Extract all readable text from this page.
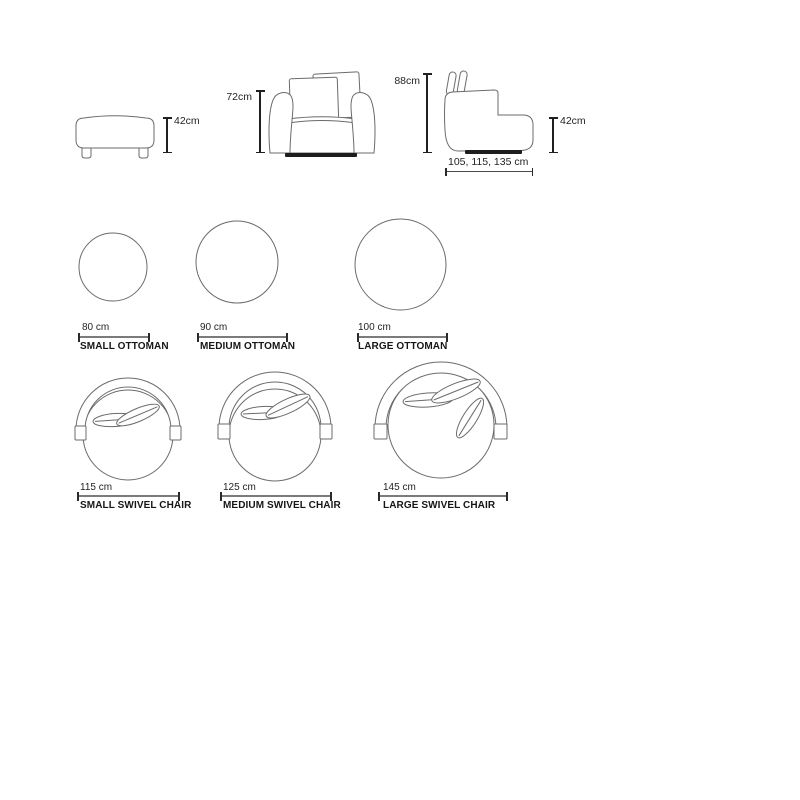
42cm
72cm
88cm
42cm
105, 115, 135 cm
80 cm
SMALL OTTOMAN
90 cm
MEDIUM OTTOMAN
100 cm
LARGE OTTOMAN
115 cm
SMALL SWIVEL CHAIR
125 cm
MEDIUM SWIVEL CHAIR
145 cm
LARGE SWIVEL CHAIR
